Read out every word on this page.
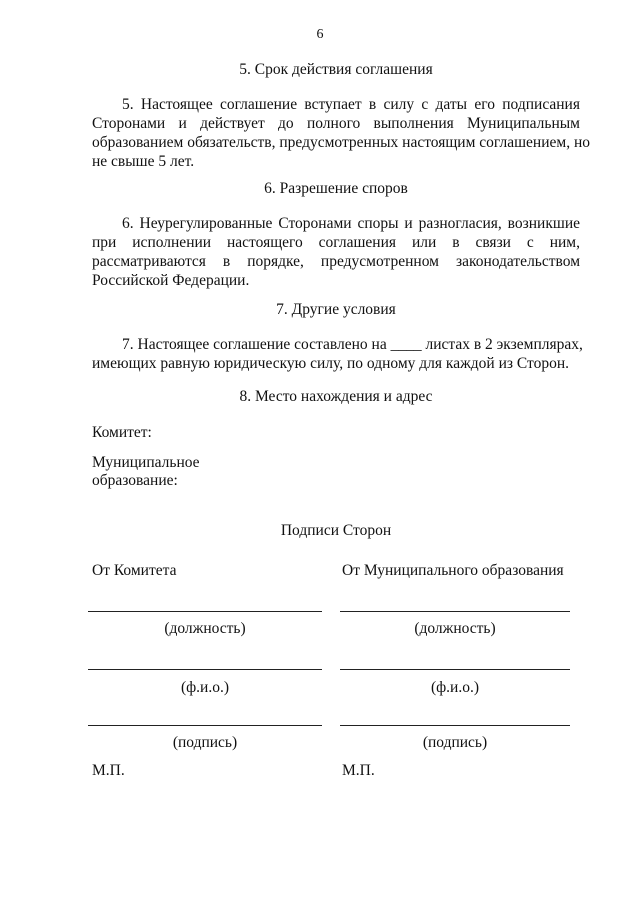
6
5. Срок действия соглашения
5. Настоящее соглашение вступает в силу с даты его подписания
Сторонами и действует до полного выполнения Муниципальным
образованием обязательств, предусмотренных настоящим соглашением, но
не свыше 5 лет.
6. Разрешение споров
6. Неурегулированные Сторонами споры и разногласия, возникшие
при исполнении настоящего соглашения или в связи с ним,
рассматриваются в порядке, предусмотренном законодательством
Российской Федерации.
7. Другие условия
7. Настоящее соглашение составлено на ____ листах в 2 экземплярах,
имеющих равную юридическую силу, по одному для каждой из Сторон.
8. Место нахождения и адрес
Комитет:
Муниципальное
образование:
Подписи Сторон
От Комитета	От Муниципального образования
(должность)	(должность)
(ф.и.о.)	(ф.и.о.)
(подпись)	(подпись)
М.П.	М.П.
